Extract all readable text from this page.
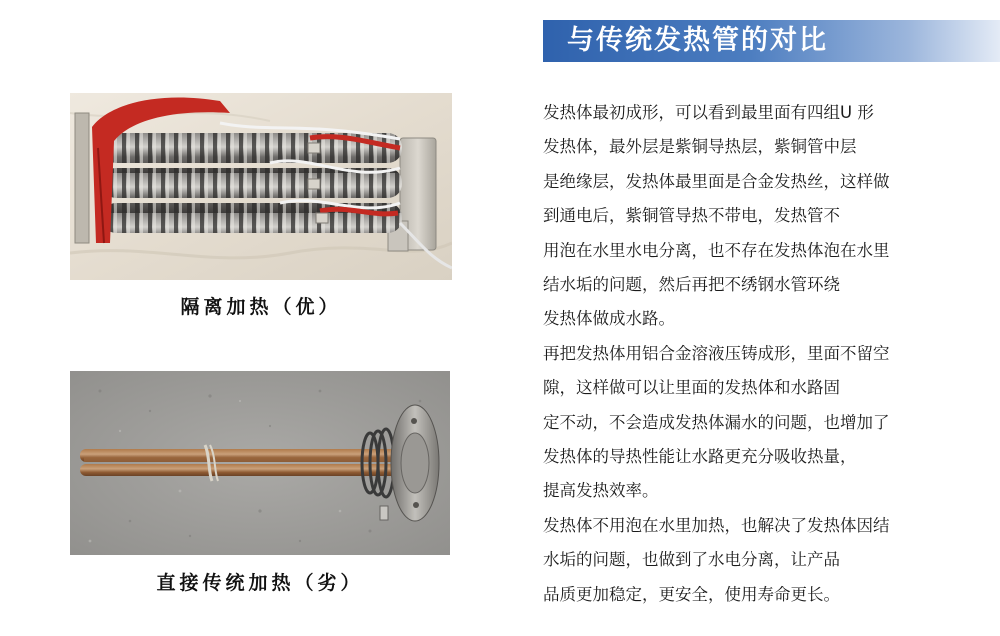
与传统发热管的对比
隔离加热（优）
直接传统加热（劣）
发热体最初成形，可以看到最里面有四组U 形
发热体，最外层是紫铜导热层，紫铜管中层
是绝缘层，发热体最里面是合金发热丝，这样做
到通电后，紫铜管导热不带电，发热管不
用泡在水里水电分离，也不存在发热体泡在水里
结水垢的问题，然后再把不绣钢水管环绕
发热体做成水路。
再把发热体用铝合金溶液压铸成形，里面不留空
隙，这样做可以让里面的发热体和水路固
定不动，不会造成发热体漏水的问题，也增加了
发热体的导热性能让水路更充分吸收热量，
提高发热效率。
发热体不用泡在水里加热，也解决了发热体因结
水垢的问题，也做到了水电分离，让产品
品质更加稳定，更安全，使用寿命更长。
